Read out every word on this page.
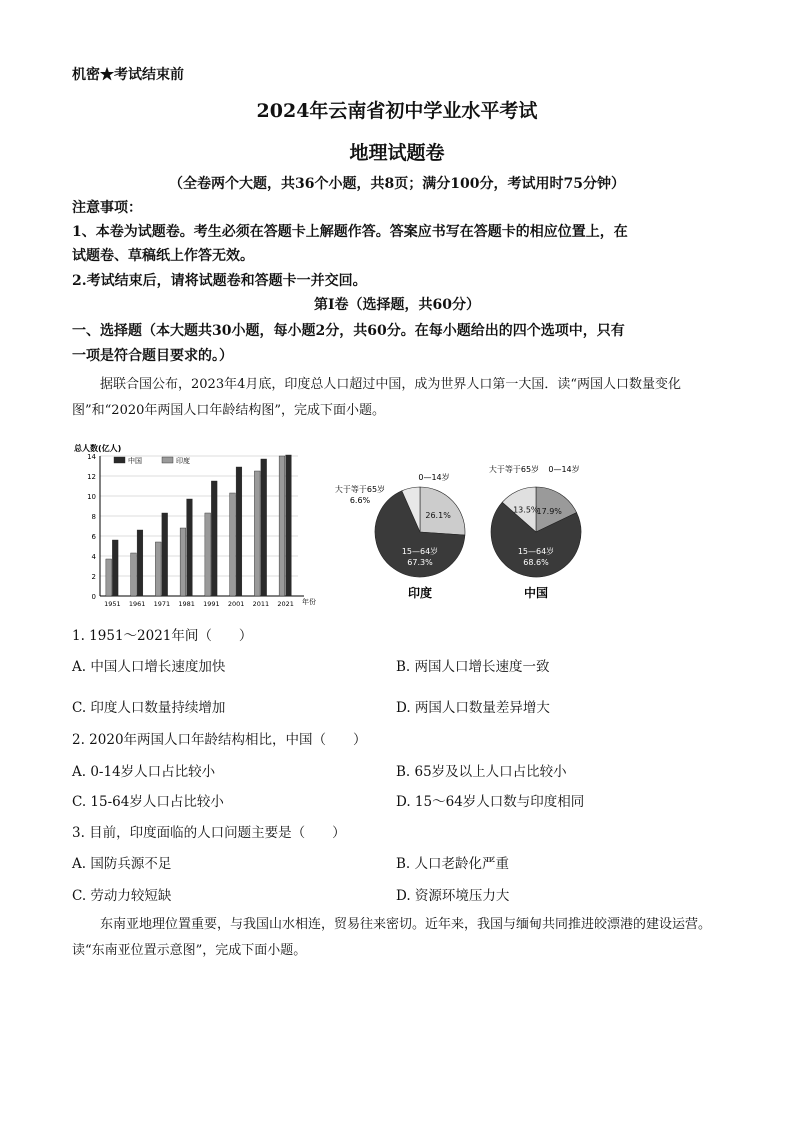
机密★考试结束前
2024年云南省初中学业水平考试
地理试题卷
（全卷两个大题，共36个小题，共8页；满分100分，考试用时75分钟）
注意事项：
1、本卷为试题卷。考生必须在答题卡上解题作答。答案应书写在答题卡的相应位置上，在
试题卷、草稿纸上作答无效。
2.考试结束后，请将试题卷和答题卡一并交回。
第Ⅰ卷（选择题，共60分）
一、选择题（本大题共30小题，每小题2分，共60分。在每小题给出的四个选项中，只有
一项是符合题目要求的。）
据联合国公布，2023年4月底，印度总人口超过中国，成为世界人口第一大国．读“两国人口数量变化图”和“2020年两国人口年龄结构图”，完成下面小题。
总人数(亿人)
年份
中国	印度
0
2
4
6
8
10
12
14
1951 1961 1971 1981 1991 2001 2011 2021
26.1%
15—64岁
67.3%
大于等于65岁
6.6%
0—14岁
印度
17.9%
15—64岁
68.6%
13.5%
0—14岁
大于等于65岁
中国
1. 1951～2021年间（　　）
A. 中国人口增长速度加快	B. 两国人口增长速度一致
C. 印度人口数量持续增加	D. 两国人口数量差异增大
2. 2020年两国人口年龄结构相比，中国（　　）
A. 0-14岁人口占比较小	B. 65岁及以上人口占比较小
C. 15-64岁人口占比较小	D. 15～64岁人口数与印度相同
3. 目前，印度面临的人口问题主要是（　　）
A. 国防兵源不足	B. 人口老龄化严重
C. 劳动力较短缺	D. 资源环境压力大
东南亚地理位置重要，与我国山水相连，贸易往来密切。近年来，我国与缅甸共同推进皎漂港的建设运营。读“东南亚位置示意图”，完成下面小题。
